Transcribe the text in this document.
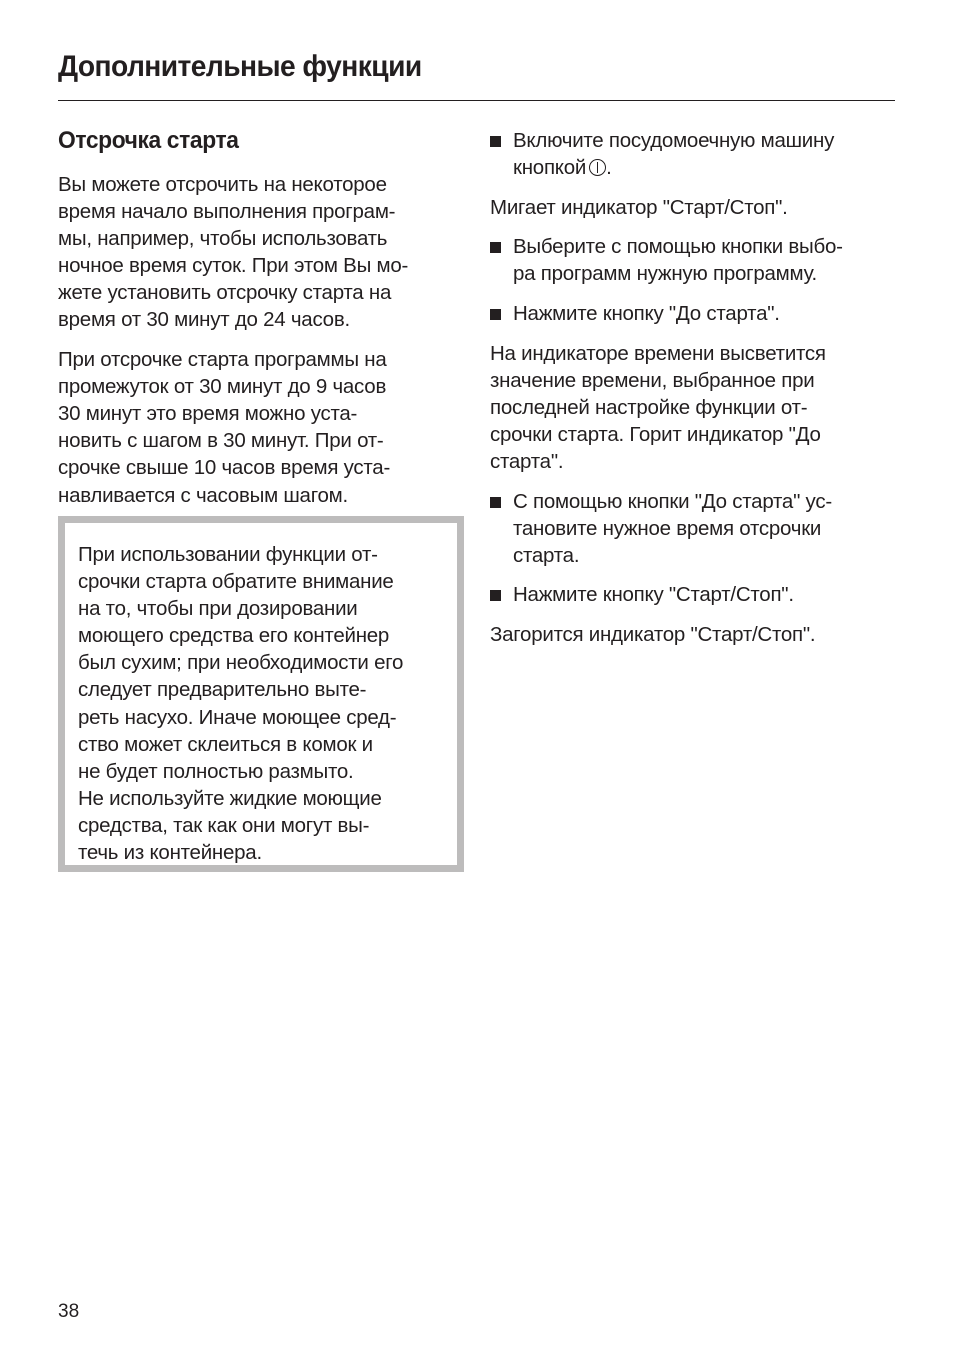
Дополнительные функции
Отсрочка старта
Вы можете отсрочить на некоторое
время начало выполнения програм-
мы, например, чтобы использовать
ночное время суток. При этом Вы мо-
жете установить отсрочку старта на
время от 30 минут до 24 часов.
При отсрочке старта программы на
промежуток от 30 минут до 9 часов
30 минут это время можно уста-
новить с шагом в 30 минут. При от-
срочке свыше 10 часов время уста-
навливается с часовым шагом.
При использовании функции от-
срочки старта обратите внимание
на то, чтобы при дозировании
моющего средства его контейнер
был сухим; при необходимости его
следует предварительно выте-
реть насухо. Иначе моющее сред-
ство может склеиться в комок и
не будет полностью размыто.
Не используйте жидкие моющие
средства, так как они могут вы-
течь из контейнера.
Включите посудомоечную машину
кнопкой .
Мигает индикатор "Старт/Стоп".
Выберите с помощью кнопки выбо-
ра программ нужную программу.
Нажмите кнопку "До старта".
На индикаторе времени высветится
значение времени, выбранное при
последней настройке функции от-
срочки старта. Горит индикатор "До
старта".
С помощью кнопки "До старта" ус-
тановите нужное время отсрочки
старта.
Нажмите кнопку "Старт/Стоп".
Загорится индикатор "Старт/Стоп".
38
